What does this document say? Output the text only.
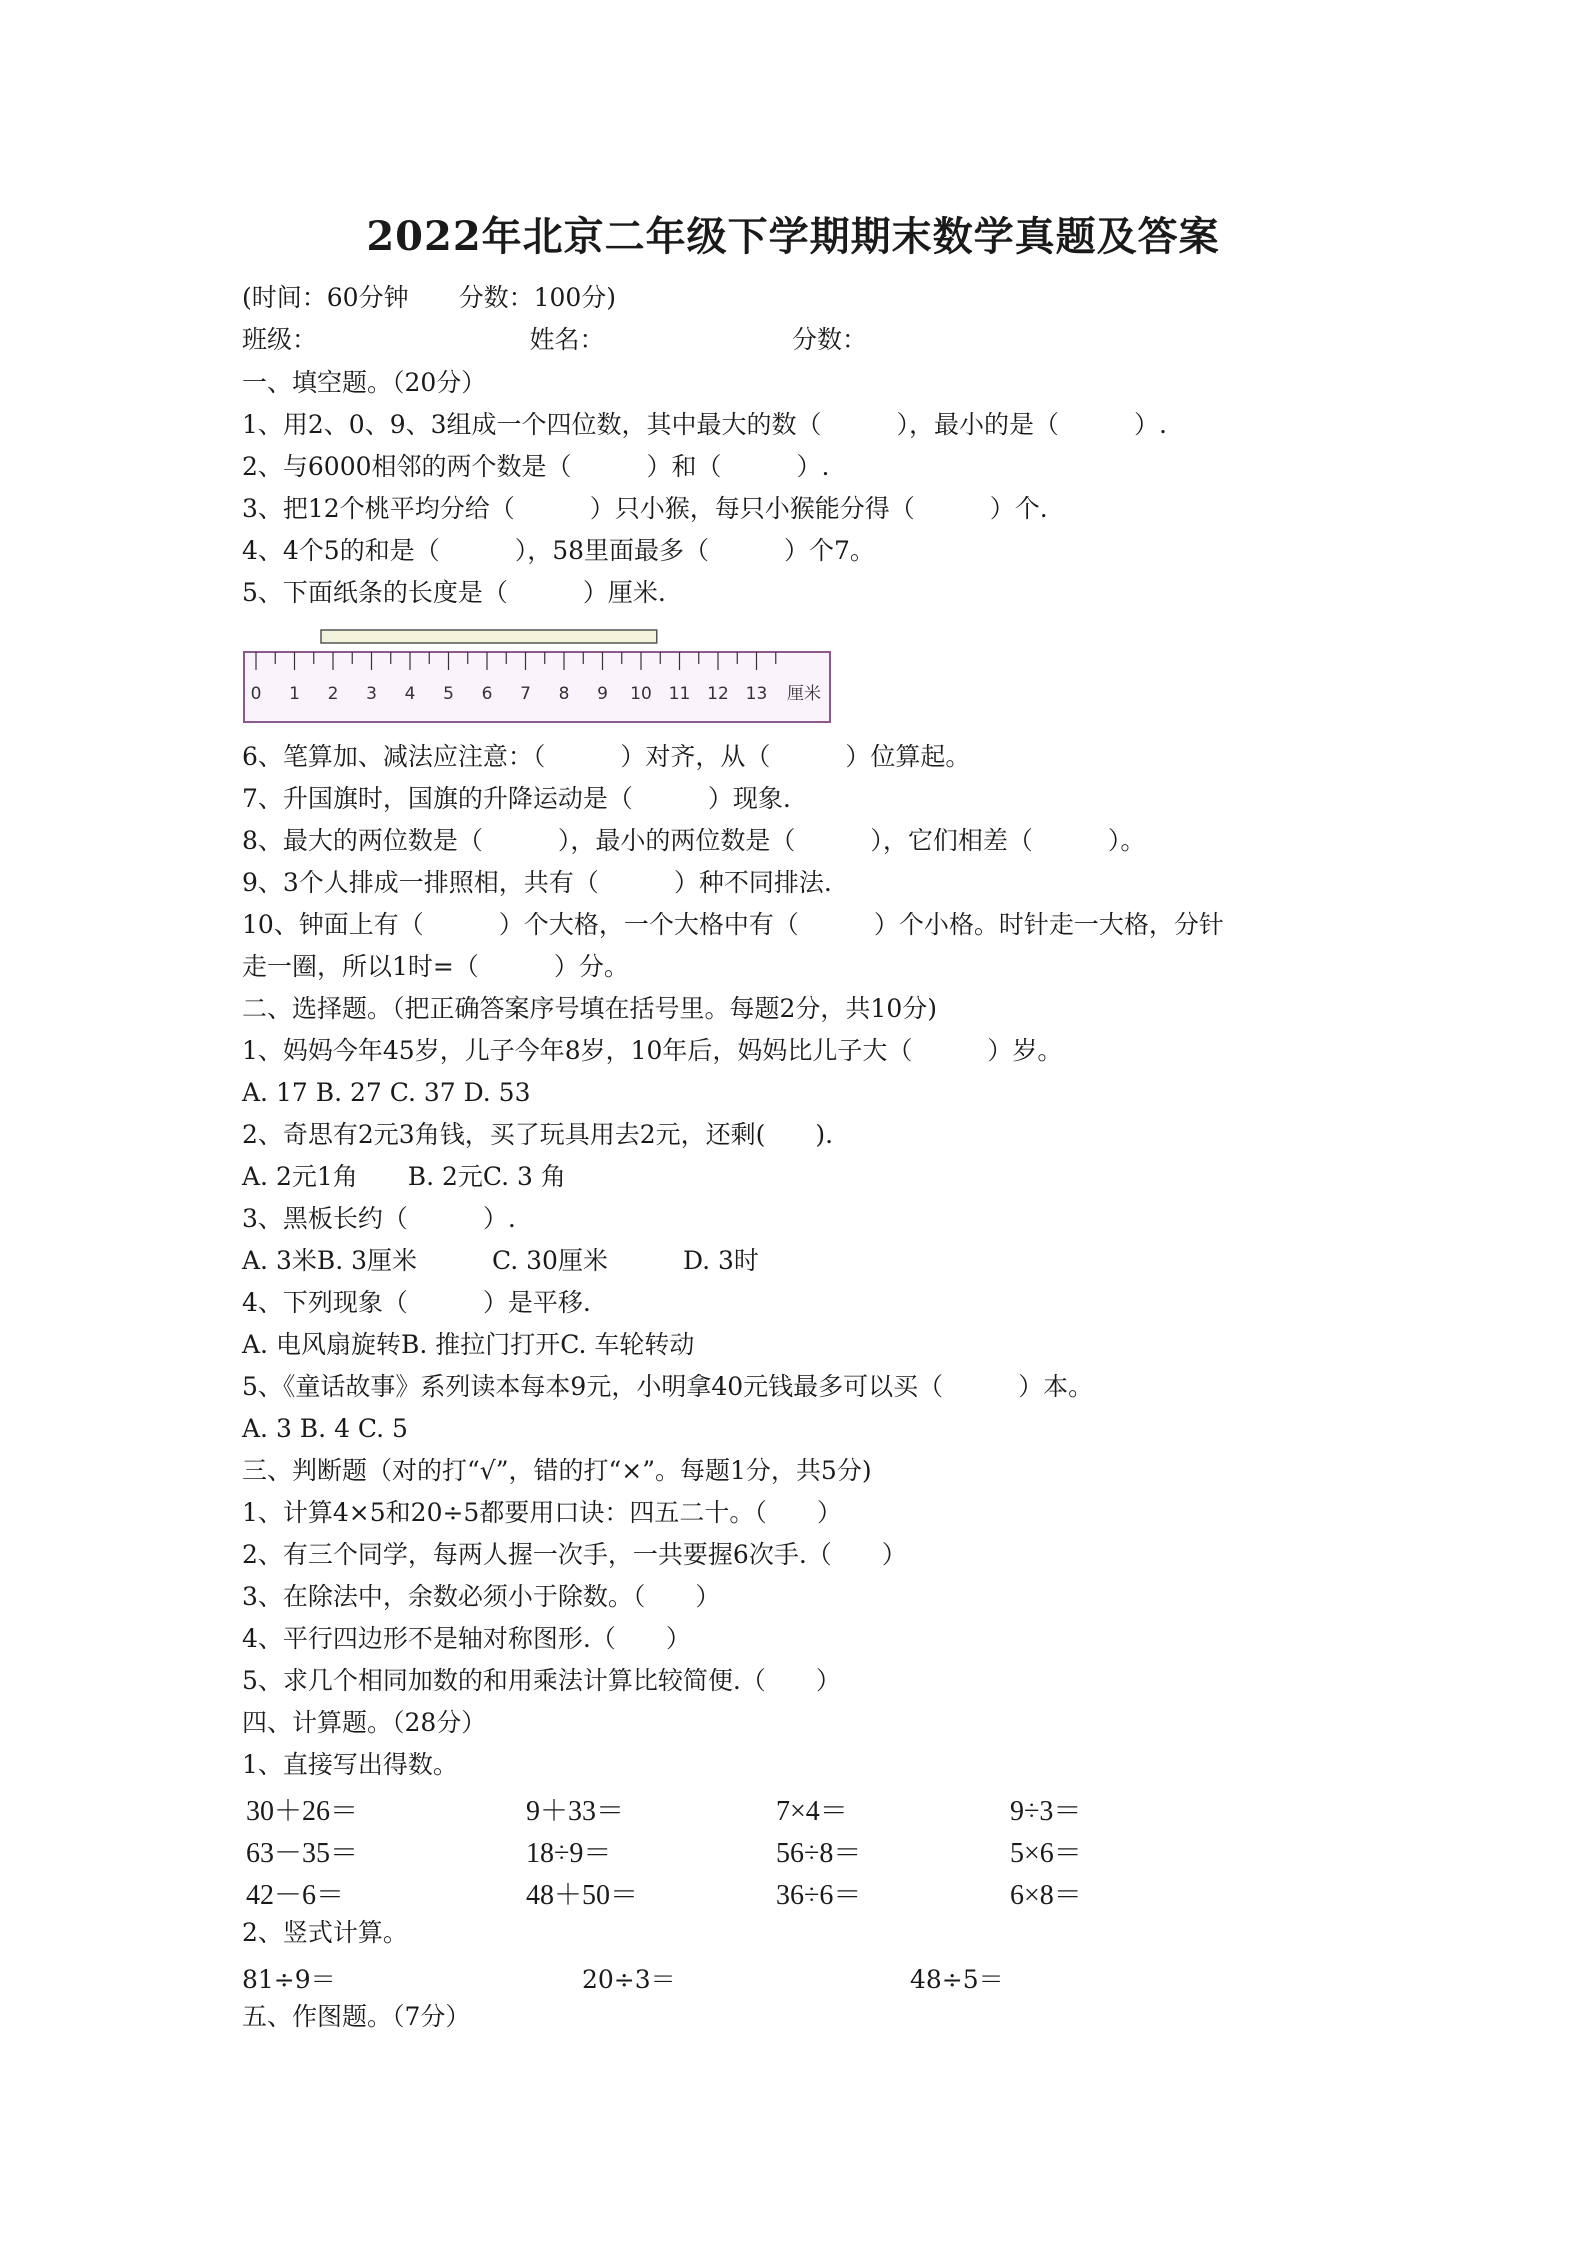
2022年北京二年级下学期期末数学真题及答案
(时间：60分钟　　分数：100分)
班级：　　　　　　　　　姓名：　　　　　　　　分数：
一、填空题。（20分）
1、用2、0、9、3组成一个四位数，其中最大的数（　　　），最小的是（　　　）.
2、与6000相邻的两个数是（　　　）和（　　　）.
3、把12个桃平均分给（　　　）只小猴，每只小猴能分得（　　　）个.
4、4个5的和是（　　　），58里面最多（　　　）个7。
5、下面纸条的长度是（　　　）厘米.
6、笔算加、减法应注意：（　　　）对齐，从（　　　）位算起。
7、升国旗时，国旗的升降运动是（　　　）现象.
8、最大的两位数是（　　　），最小的两位数是（　　　），它们相差（　　　）。
9、3个人排成一排照相，共有（　　　）种不同排法.
10、钟面上有（　　　）个大格，一个大格中有（　　　）个小格。时针走一大格，分针
走一圈，所以1时=（　　　）分。
二、选择题。（把正确答案序号填在括号里。每题2分，共10分)
1、妈妈今年45岁，儿子今年8岁，10年后，妈妈比儿子大（　　　）岁。
A. 17 B. 27 C. 37 D. 53
2、奇思有2元3角钱，买了玩具用去2元，还剩(　　).
A. 2元1角　　B. 2元C. 3 角
3、黑板长约（　　　）.
A. 3米B. 3厘米　　　C. 30厘米　　　D. 3时
4、下列现象（　　　）是平移.
A. 电风扇旋转B. 推拉门打开C. 车轮转动
5、《童话故事》系列读本每本9元，小明拿40元钱最多可以买（　　　）本。
A. 3 B. 4 C. 5
三、判断题（对的打“√”，错的打“×”。每题1分，共5分)
1、计算4×5和20÷5都要用口诀：四五二十。（　　）
2、有三个同学，每两人握一次手，一共要握6次手.（　　）
3、在除法中，余数必须小于除数。（　　）
4、平行四边形不是轴对称图形.（　　）
5、求几个相同加数的和用乘法计算比较简便.（　　）
四、计算题。（28分）
1、直接写出得数。
2、竖式计算。
五、作图题。（7分）
0 1 2 3 4 5 6 7 8 9 10 11 12 13 厘米
30＋26＝	9＋33＝	7×4＝	9÷3＝
63－35＝	18÷9＝	56÷8＝	5×6＝
42－6＝	48＋50＝	36÷6＝	6×8＝
81÷9＝	20÷3＝	48÷5＝
